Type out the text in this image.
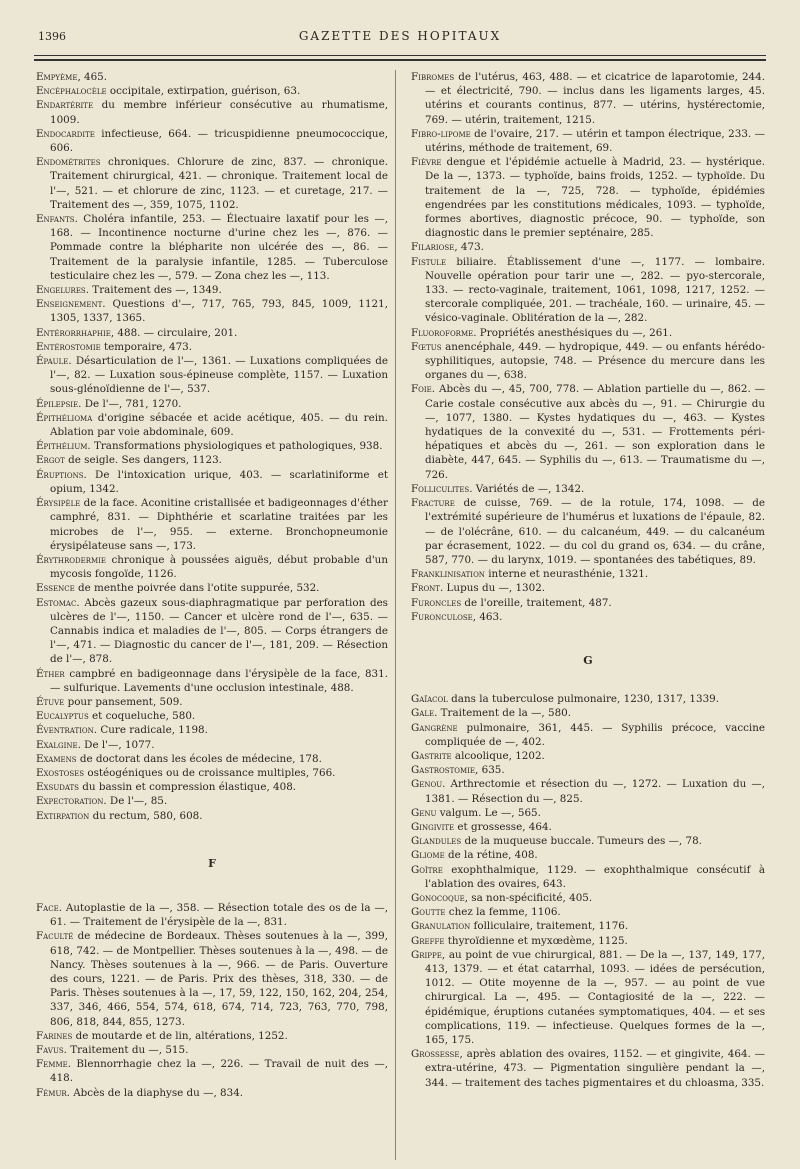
1396	GAZETTE DES HOPITAUX

Empyème, 465.

Encéphalocèle occipitale, extirpation, guérison, 63.

Endartérite du membre inférieur consécutive au rhumatisme, 1009.

Endocardite infectieuse, 664. — tricuspidienne pneumococcique, 606.

Endométrites chroniques. Chlorure de zinc, 837. — chronique. Traitement chirurgical, 421. — chronique. Traitement local de l'—, 521. — et chlorure de zinc, 1123. — et curetage, 217. — Traitement des —, 359, 1075, 1102.

Enfants. Choléra infantile, 253. — Électuaire laxatif pour les —, 168. — Incontinence nocturne d'urine chez les —, 876. — Pommade contre la blépharite non ulcérée des —, 86. — Traitement de la paralysie infantile, 1285. — Tuberculose testiculaire chez les —, 579. — Zona chez les —, 113.

Engelures. Traitement des —, 1349.

Enseignement. Questions d'—, 717, 765, 793, 845, 1009, 1121, 1305, 1337, 1365.

Entérorrhaphie, 488. — circulaire, 201.

Entérostomie temporaire, 473.

Épaule. Désarticulation de l'—, 1361. — Luxations compliquées de l'—, 82. — Luxation sous-épineuse complète, 1157. — Luxation sous-glénoïdienne de l'—, 537.

Épilepsie. De l'—, 781, 1270.

Épithélioma d'origine sébacée et acide acétique, 405. — du rein. Ablation par voie abdominale, 609.

Épithélium. Transformations physiologiques et pathologiques, 938.

Ergot de seigle. Ses dangers, 1123.

Éruptions. De l'intoxication urique, 403. — scarlatiniforme et opium, 1342.

Érysipèle de la face. Aconitine cristallisée et badigeonnages d'éther camphré, 831. — Diphthérie et scarlatine traitées par les microbes de l'—, 955. — externe. Bronchopneumonie érysipélateuse sans —, 173.

Érythrodermie chronique à poussées aiguës, début probable d'un mycosis fongoïde, 1126.

Essence de menthe poivrée dans l'otite suppurée, 532.

Estomac. Abcès gazeux sous-diaphragmatique par perforation des ulcères de l'—, 1150. — Cancer et ulcère rond de l'—, 635. — Cannabis indica et maladies de l'—, 805. — Corps étrangers de l'—, 471. — Diagnostic du cancer de l'—, 181, 209. — Résection de l'—, 878.

Éther campbré en badigeonnage dans l'érysipèle de la face, 831. — sulfurique. Lavements d'une occlusion intestinale, 488.

Étuve pour pansement, 509.

Eucalyptus et coqueluche, 580.

Éventration. Cure radicale, 1198.

Exalgine. De l'—, 1077.

Examens de doctorat dans les écoles de médecine, 178.

Exostoses ostéogéniques ou de croissance multiples, 766.

Exsudats du bassin et compression élastique, 408.

Expectoration. De l'—, 85.

Extirpation du rectum, 580, 608.

F

Face. Autoplastie de la —, 358. — Résection totale des os de la —, 61. — Traitement de l'érysipèle de la —, 831.

Faculté de médecine de Bordeaux. Thèses soutenues à la —, 399, 618, 742. — de Montpellier. Thèses soutenues à la —, 498. — de Nancy. Thèses soutenues à la —, 966. — de Paris. Ouverture des cours, 1221. — de Paris. Prix des thèses, 318, 330. — de Paris. Thèses soutenues à la —, 17, 59, 122, 150, 162, 204, 254, 337, 346, 466, 554, 574, 618, 674, 714, 723, 763, 770, 798, 806, 818, 844, 855, 1273.

Farines de moutarde et de lin, altérations, 1252.

Favus. Traitement du —, 515.

Femme. Blennorrhagie chez la —, 226. — Travail de nuit des —, 418.

Fémur. Abcès de la diaphyse du —, 834.

Fibromes de l'utérus, 463, 488. — et cicatrice de laparotomie, 244. — et électricité, 790. — inclus dans les ligaments larges, 45. utérins et courants continus, 877. — utérins, hystérectomie, 769. — utérin, traitement, 1215.

Fibro-lipome de l'ovaire, 217. — utérin et tampon électrique, 233. — utérins, méthode de traitement, 69.

Fièvre dengue et l'épidémie actuelle à Madrid, 23. — hystérique. De la —, 1373. — typhoïde, bains froids, 1252. — typhoïde. Du traitement de la —, 725, 728. — typhoïde, épidémies engendrées par les constitutions médicales, 1093. — typhoïde, formes abortives, diagnostic précoce, 90. — typhoïde, son diagnostic dans le premier septénaire, 285.

Filariose, 473.

Fistule biliaire. Établissement d'une —, 1177. — lombaire. Nouvelle opération pour tarir une —, 282. — pyo-stercorale, 133. — recto-vaginale, traitement, 1061, 1098, 1217, 1252. — stercorale compliquée, 201. — trachéale, 160. — urinaire, 45. — vésico-vaginale. Oblitération de la —, 282.

Fluoroforme. Propriétés anesthésiques du —, 261.

Fœtus anencéphale, 449. — hydropique, 449. — ou enfants hérédo-syphilitiques, autopsie, 748. — Présence du mercure dans les organes du —, 638.

Foie. Abcès du —, 45, 700, 778. — Ablation partielle du —, 862. — Carie costale consécutive aux abcès du —, 91. — Chirurgie du —, 1077, 1380. — Kystes hydatiques du —, 463. — Kystes hydatiques de la convexité du —, 531. — Frottements péri-hépatiques et abcès du —, 261. — son exploration dans le diabète, 447, 645. — Syphilis du —, 613. — Traumatisme du —, 726.

Folliculites. Variétés de —, 1342.

Fracture de cuisse, 769. — de la rotule, 174, 1098. — de l'extrémité supérieure de l'humérus et luxations de l'épaule, 82. — de l'olécrâne, 610. — du calcanéum, 449. — du calcanéum par écrasement, 1022. — du col du grand os, 634. — du crâne, 587, 770. — du larynx, 1019. — spontanées des tabétiques, 89.

Franklinisation interne et neurasthénie, 1321.

Front. Lupus du —, 1302.

Furoncles de l'oreille, traitement, 487.

Furonculose, 463.

G

Gaïacol dans la tuberculose pulmonaire, 1230, 1317, 1339.

Gale. Traitement de la —, 580.

Gangrène pulmonaire, 361, 445. — Syphilis précoce, vaccine compliquée de —, 402.

Gastrite alcoolique, 1202.

Gastrostomie, 635.

Genou. Arthrectomie et résection du —, 1272. — Luxation du —, 1381. — Résection du —, 825.

Genu valgum. Le —, 565.

Gingivite et grossesse, 464.

Glandules de la muqueuse buccale. Tumeurs des —, 78.

Gliome de la rétine, 408.

Goître exophthalmique, 1129. — exophthalmique consécutif à l'ablation des ovaires, 643.

Gonocoque, sa non-spécificité, 405.

Goutte chez la femme, 1106.

Granulation folliculaire, traitement, 1176.

Greffe thyroïdienne et myxœdème, 1125.

Grippe, au point de vue chirurgical, 881. — De la —, 137, 149, 177, 413, 1379. — et état catarrhal, 1093. — idées de persécution, 1012. — Otite moyenne de la —, 957. — au point de vue chirurgical. La —, 495. — Contagiosité de la —, 222. — épidémique, éruptions cutanées symptomatiques, 404. — et ses complications, 119. — infectieuse. Quelques formes de la —, 165, 175.

Grossesse, après ablation des ovaires, 1152. — et gingivite, 464. — extra-utérine, 473. — Pigmentation singulière pendant la —, 344. — traitement des taches pigmentaires et du chloasma, 335.
